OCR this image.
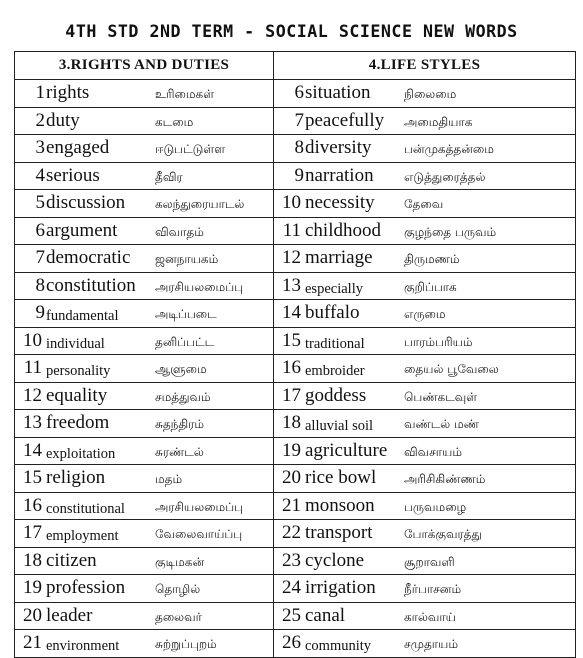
4TH STD 2ND TERM - SOCIAL SCIENCE NEW WORDS
3.RIGHTS AND DUTIES	4.LIFE STYLES

1 rights உரிமைகள்	6 situation நிலைமை

2 duty கடமை	7 peacefully அமைதியாக

3 engaged ஈடுபட்டுள்ள	8 diversity பன்முகத்தன்மை

4 serious தீவிர	9 narration எடுத்துரைத்தல்

5 discussion கலந்துரையாடல்	10 necessity தேவை

6 argument விவாதம்	11 childhood குழந்தை பருவம்

7 democratic ஜனநாயகம்	12 marriage திருமணம்

8 constitution அரசியலமைப்பு	13 especially குறிப்பாக

9 fundamental அடிப்படை	14 buffalo எருமை

10 individual தனிப்பட்ட	15 traditional பாரம்பரியம்

11 personality ஆளுமை	16 embroider தையல் பூவேலை

12 equality சமத்துவம்	17 goddess பெண்கடவுள்

13 freedom சுதந்திரம்	18 alluvial soil வண்டல் மண்

14 exploitation சுரண்டல்	19 agriculture விவசாயம்

15 religion மதம்	20 rice bowl அரிசிகிண்ணம்

16 constitutional அரசியலமைப்பு	21 monsoon பருவமழை

17 employment வேலைவாய்ப்பு	22 transport போக்குவரத்து

18 citizen குடிமகன்	23 cyclone சூறாவளி

19 profession தொழில்	24 irrigation நீர்பாசனம்

20 leader தலைவர்	25 canal கால்வாய்

21 environment சுற்றுப்புறம்	26 community சமுதாயம்
